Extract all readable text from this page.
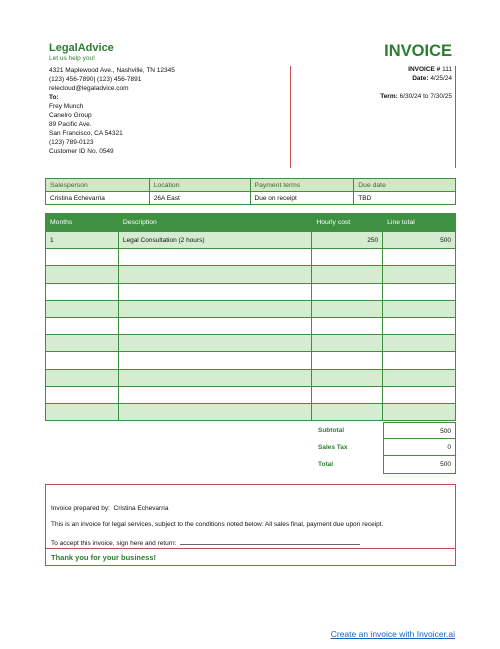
LegalAdvice
Let us help you!
4321 Maplewood Ave., Nashville, TN 12345
(123) 456-7890| (123) 456-7891
relecloud@legaladvice.com
To:
Frey Munch
Canelro Group
89 Pacific Ave.
San Francisco, CA 54321
(123) 789-0123
Customer ID No. 0549
INVOICE
INVOICE # 111
Date: 4/25/24
Term: 6/30/24 to 7/30/25
Salesperson	Location	Payment terms	Due date
Cristina Echevarria	26A East	Due on receipt	TBD
Months	Description	Hourly cost	Line total
1	Legal Consultation (2 hours)	250	500

Subtotal	500
Sales Tax	0
Total	500
Invoice prepared by: Cristina Echevarria
This is an invoice for legal services, subject to the conditions noted below: All sales final, payment due upon receipt.
To accept this invoice, sign here and return:
Thank you for your business!
Create an invoice with Invoicer.ai
